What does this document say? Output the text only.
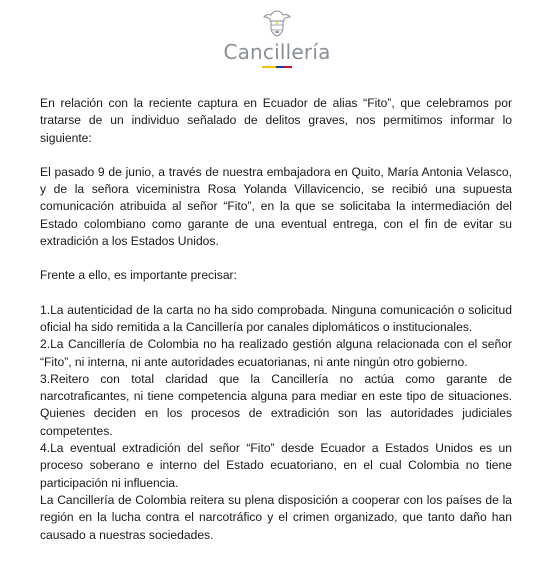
Cancillería

En relación con la reciente captura en Ecuador de alias “Fito”, que celebramos por tratarse de un individuo señalado de delitos graves, nos permitimos informar lo siguiente:

El pasado 9 de junio, a través de nuestra embajadora en Quito, María Antonia Velasco, y de la señora viceministra Rosa Yolanda Villavicencio, se recibió una supuesta comunicación atribuida al señor “Fito”, en la que se solicitaba la intermediación del Estado colombiano como garante de una eventual entrega, con el fin de evitar su extradición a los Estados Unidos.

Frente a ello, es importante precisar:

1.La autenticidad de la carta no ha sido comprobada. Ninguna comunicación o solicitud oficial ha sido remitida a la Cancillería por canales diplomáticos o institucionales.

2.La Cancillería de Colombia no ha realizado gestión alguna relacionada con el señor “Fito”, ni interna, ni ante autoridades ecuatorianas, ni ante ningún otro gobierno.

3.Reitero con total claridad que la Cancillería no actúa como garante de narcotraficantes, ni tiene competencia alguna para mediar en este tipo de situaciones. Quienes deciden en los procesos de extradición son las autoridades judiciales competentes.

4.La eventual extradición del señor “Fito” desde Ecuador a Estados Unidos es un proceso soberano e interno del Estado ecuatoriano, en el cual Colombia no tiene participación ni influencia.

La Cancillería de Colombia reitera su plena disposición a cooperar con los países de la región en la lucha contra el narcotráfico y el crimen organizado, que tanto daño han causado a nuestras sociedades.
